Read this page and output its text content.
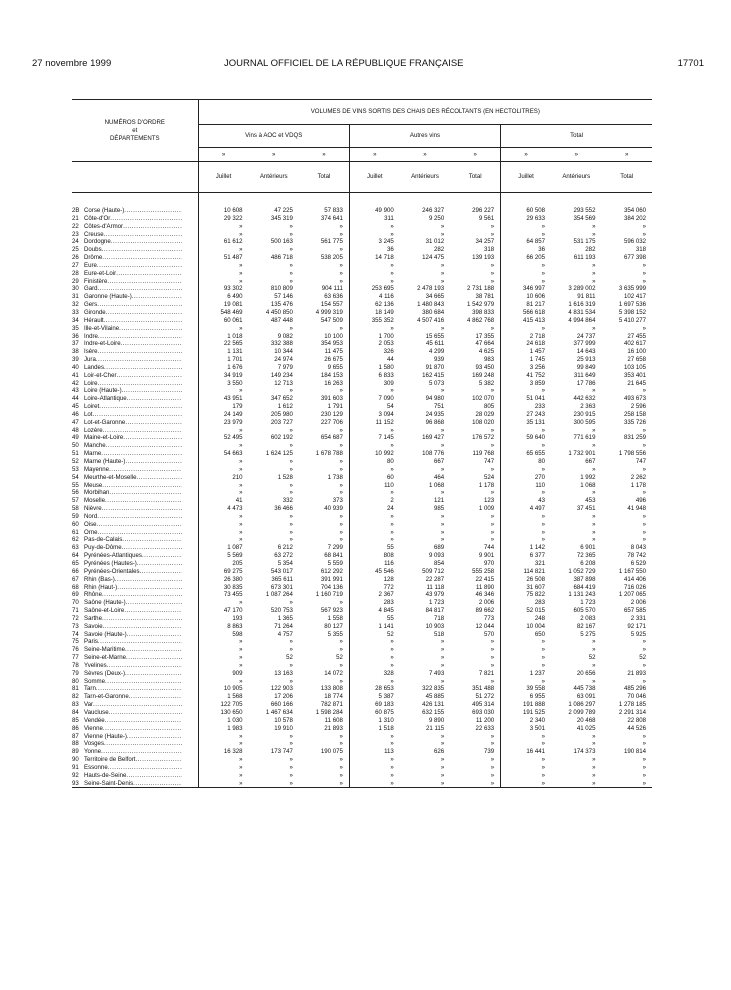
27 novembre 1999	JOURNAL OFFICIEL DE LA RÉPUBLIQUE FRANÇAISE	17701
NUMÉROS D'ORDRE
et
DÉPARTEMENTS	VOLUMES DE VINS SORTIS DES CHAIS DES RÉCOLTANTS (EN HECTOLITRES)								
	Vins à AOC et VDQS			Autres vins			Total		
	»	»	»	»	»	»	»	»	»
	Juillet	Antérieurs	Total	Juillet	Antérieurs	Total	Juillet	Antérieurs	Total

2B Corse (Haute-) .....	10 608	47 225	57 833	49 900	246 327	296 227	60 508	293 552	354 060
21 Côte-d'Or .....	29 322	345 319	374 641	311	9 250	9 561	29 633	354 569	384 202
22 Côtes-d'Armor .....	»	»	»	»	»	»	»	»	»
23 Creuse .....	»	»	»	»	»	»	»	»	»
24 Dordogne .....	61 612	500 163	561 775	3 245	31 012	34 257	64 857	531 175	596 032
25 Doubs .....	»	»	»	36	282	318	36	282	318
26 Drôme .....	51 487	486 718	538 205	14 718	124 475	139 193	66 205	611 193	677 398
27 Eure .....	»	»	»	»	»	»	»	»	»
28 Eure-et-Loir .....	»	»	»	»	»	»	»	»	»
29 Finistère .....	»	»	»	»	»	»	»	»	»
30 Gard .....	93 302	810 809	904 111	253 695	2 478 193	2 731 188	346 997	3 289 002	3 635 999
31 Garonne (Haute-) .....	6 490	57 146	63 636	4 116	34 665	38 781	10 606	91 811	102 417
32 Gers .....	19 081	135 476	154 557	62 136	1 480 843	1 542 979	81 217	1 616 319	1 697 536
33 Gironde .....	548 469	4 450 850	4 999 319	18 149	380 684	398 833	566 618	4 831 534	5 398 152
34 Hérault .....	60 061	487 448	547 509	355 352	4 507 416	4 862 768	415 413	4 994 864	5 410 277
35 Ille-et-Vilaine .....	»	»	»	»	»	»	»	»	»
36 Indre .....	1 018	9 082	10 100	1 700	15 655	17 355	2 718	24 737	27 455
37 Indre-et-Loire .....	22 565	332 388	354 953	2 053	45 611	47 664	24 618	377 999	402 617
38 Isère .....	1 131	10 344	11 475	326	4 299	4 625	1 457	14 643	16 100
39 Jura .....	1 701	24 974	26 675	44	939	983	1 745	25 913	27 658
40 Landes .....	1 676	7 979	9 655	1 580	91 870	93 450	3 256	99 849	103 105
41 Loir-et-Cher .....	34 919	149 234	184 153	6 833	162 415	169 248	41 752	311 649	353 401
42 Loire .....	3 550	12 713	16 263	309	5 073	5 382	3 859	17 786	21 645
43 Loire (Haute-) .....	»	»	»	»	»	»	»	»	»
44 Loire-Atlantique .....	43 951	347 652	391 603	7 090	94 980	102 070	51 041	442 632	493 673
45 Loiret .....	179	1 612	1 791	54	751	805	233	2 363	2 596
46 Lot .....	24 149	205 980	230 129	3 094	24 935	28 029	27 243	230 915	258 158
47 Lot-et-Garonne .....	23 979	203 727	227 706	11 152	96 868	108 020	35 131	300 595	335 726
48 Lozère .....	»	»	»	»	»	»	»	»	»
49 Maine-et-Loire .....	52 495	602 192	654 687	7 145	169 427	176 572	59 640	771 619	831 259
50 Manche .....	»	»	»	»	»	»	»	»	»
51 Marne .....	54 663	1 624 125	1 678 788	10 992	108 776	119 768	65 655	1 732 901	1 798 556
52 Marne (Haute-) .....	»	»	»	80	667	747	80	667	747
53 Mayenne .....	»	»	»	»	»	»	»	»	»
54 Meurthe-et-Moselle .....	210	1 528	1 738	60	464	524	270	1 992	2 262
55 Meuse .....	»	»	»	110	1 068	1 178	110	1 068	1 178
56 Morbihan .....	»	»	»	»	»	»	»	»	»
57 Moselle .....	41	332	373	2	121	123	43	453	496
58 Nièvre .....	4 473	36 466	40 939	24	985	1 009	4 497	37 451	41 948
59 Nord .....	»	»	»	»	»	»	»	»	»
60 Oise .....	»	»	»	»	»	»	»	»	»
61 Orne .....	»	»	»	»	»	»	»	»	»
62 Pas-de-Calais .....	»	»	»	»	»	»	»	»	»
63 Puy-de-Dôme .....	1 087	6 212	7 299	55	689	744	1 142	6 901	8 043
64 Pyrénées-Atlantiques .....	5 569	63 272	68 841	808	9 093	9 901	6 377	72 365	78 742
65 Pyrénées (Hautes-) .....	205	5 354	5 559	116	854	970	321	6 208	6 529
66 Pyrénées-Orientales .....	69 275	543 017	612 292	45 546	509 712	555 258	114 821	1 052 729	1 167 550
67 Rhin (Bas-) .....	26 380	365 611	391 991	128	22 287	22 415	26 508	387 898	414 406
68 Rhin (Haut-) .....	30 835	673 301	704 136	772	11 118	11 890	31 607	684 419	716 026
69 Rhône .....	73 455	1 087 264	1 160 719	2 367	43 979	46 346	75 822	1 131 243	1 207 065
70 Saône (Haute-) .....	»	»	»	283	1 723	2 006	283	1 723	2 006
71 Saône-et-Loire .....	47 170	520 753	567 923	4 845	84 817	89 662	52 015	605 570	657 585
72 Sarthe .....	193	1 365	1 558	55	718	773	248	2 083	2 331
73 Savoie .....	8 863	71 264	80 127	1 141	10 903	12 044	10 004	82 167	92 171
74 Savoie (Haute-) .....	598	4 757	5 355	52	518	570	650	5 275	5 925
75 Paris .....	»	»	»	»	»	»	»	»	»
76 Seine-Maritime .....	»	»	»	»	»	»	»	»	»
77 Seine-et-Marne .....	»	52	52	»	»	»	»	52	52
78 Yvelines .....	»	»	»	»	»	»	»	»	»
79 Sèvres (Deux-) .....	909	13 163	14 072	328	7 493	7 821	1 237	20 656	21 893
80 Somme .....	»	»	»	»	»	»	»	»	»
81 Tarn .....	10 905	122 903	133 808	28 653	322 835	351 488	39 558	445 738	485 296
82 Tarn-et-Garonne .....	1 568	17 206	18 774	5 387	45 885	51 272	6 955	63 091	70 046
83 Var .....	122 705	660 166	782 871	69 183	426 131	495 314	191 888	1 086 297	1 278 185
84 Vaucluse .....	130 650	1 467 634	1 598 284	60 875	632 155	693 030	191 525	2 099 789	2 291 314
85 Vendée .....	1 030	10 578	11 608	1 310	9 890	11 200	2 340	20 468	22 808
86 Vienne .....	1 983	19 910	21 893	1 518	21 115	22 633	3 501	41 025	44 526
87 Vienne (Haute-) .....	»	»	»	»	»	»	»	»	»
88 Vosges .....	»	»	»	»	»	»	»	»	»
89 Yonne .....	16 328	173 747	190 075	113	626	739	16 441	174 373	190 814
90 Territoire de Belfort .....	»	»	»	»	»	»	»	»	»
91 Essonne .....	»	»	»	»	»	»	»	»	»
92 Hauts-de-Seine .....	»	»	»	»	»	»	»	»	»
93 Seine-Saint-Denis .....	»	»	»	»	»	»	»	»	»
